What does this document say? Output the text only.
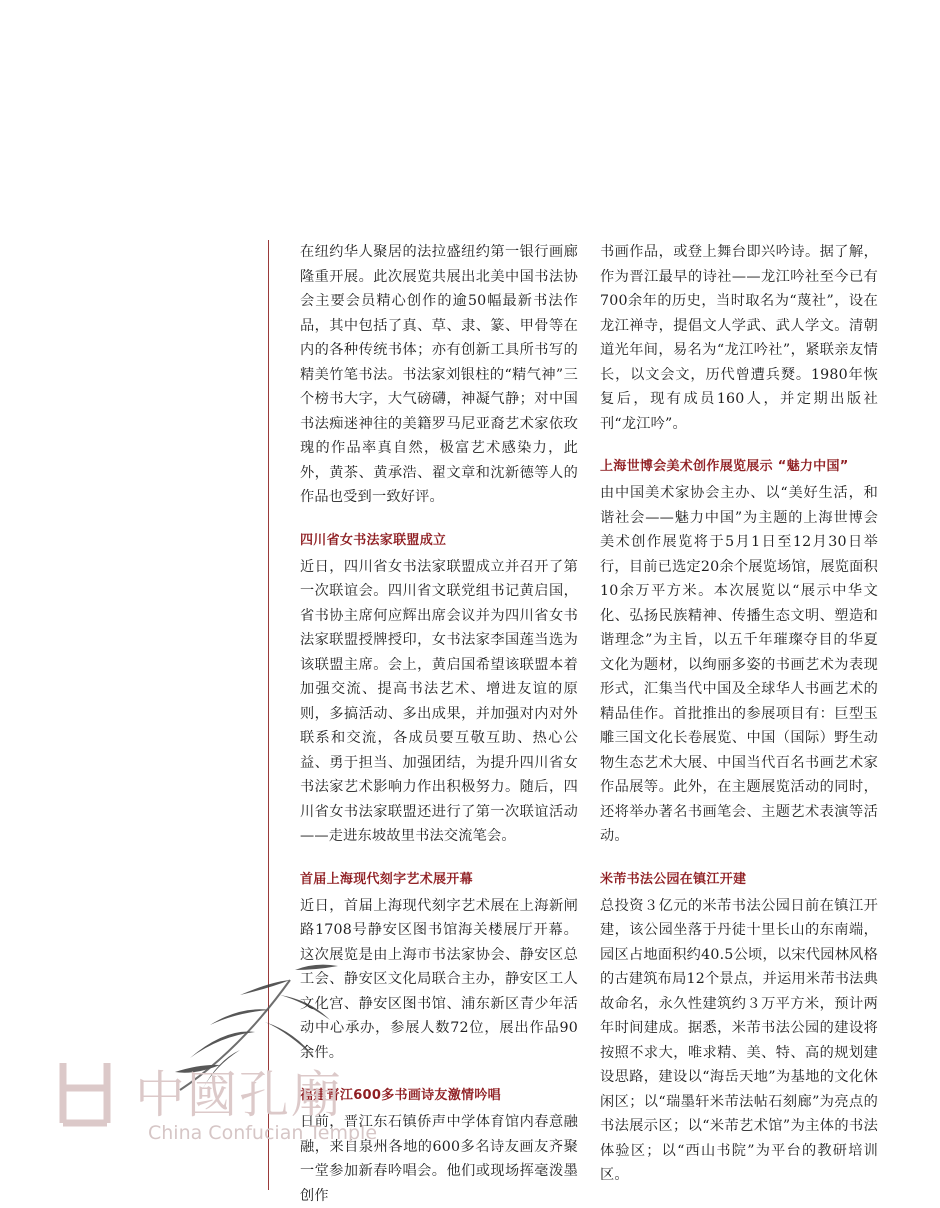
在纽约华人聚居的法拉盛纽约第一银行画廊隆重开展。此次展览共展出北美中国书法协会主要会员精心创作的逾50幅最新书法作品，其中包括了真、草、隶、篆、甲骨等在内的各种传统书体；亦有创新工具所书写的精美竹笔书法。书法家刘银柱的“精气神”三个榜书大字，大气磅礴，神凝气静；对中国书法痴迷神往的美籍罗马尼亚裔艺术家依玫瑰的作品率真自然，极富艺术感染力，此外，黄茶、黄承浩、翟文章和沈新德等人的作品也受到一致好评。

四川省女书法家联盟成立

近日，四川省女书法家联盟成立并召开了第一次联谊会。四川省文联党组书记黄启国，省书协主席何应辉出席会议并为四川省女书法家联盟授牌授印，女书法家李国莲当选为该联盟主席。会上，黄启国希望该联盟本着加强交流、提高书法艺术、增进友谊的原则，多搞活动、多出成果，并加强对内对外联系和交流，各成员要互敬互助、热心公益、勇于担当、加强团结，为提升四川省女书法家艺术影响力作出积极努力。随后，四川省女书法家联盟还进行了第一次联谊活动——走进东坡故里书法交流笔会。

首届上海现代刻字艺术展开幕

近日，首届上海现代刻字艺术展在上海新闸路1708号静安区图书馆海关楼展厅开幕。这次展览是由上海市书法家协会、静安区总工会、静安区文化局联合主办，静安区工人文化宫、静安区图书馆、浦东新区青少年活动中心承办，参展人数72位，展出作品90余件。

福建晋江600多书画诗友激情吟唱

日前，晋江东石镇侨声中学体育馆内春意融融，来自泉州各地的600多名诗友画友齐聚一堂参加新春吟唱会。他们或现场挥毫泼墨创作

书画作品，或登上舞台即兴吟诗。据了解，作为晋江最早的诗社——龙江吟社至今已有700余年的历史，当时取名为“蔑社”，设在龙江禅寺，提倡文人学武、武人学文。清朝道光年间，易名为“龙江吟社”，紧联亲友情长，以文会文，历代曾遭兵燹。1980年恢复后，现有成员160人，并定期出版社刊“龙江吟”。

上海世博会美术创作展览展示 “魅力中国”

由中国美术家协会主办、以“美好生活，和谐社会——魅力中国”为主题的上海世博会美术创作展览将于5月1日至12月30日举行，目前已选定20余个展览场馆，展览面积10余万平方米。本次展览以“展示中华文化、弘扬民族精神、传播生态文明、塑造和谐理念”为主旨，以五千年璀璨夺目的华夏文化为题材，以绚丽多姿的书画艺术为表现形式，汇集当代中国及全球华人书画艺术的精品佳作。首批推出的参展项目有：巨型玉雕三国文化长卷展览、中国（国际）野生动物生态艺术大展、中国当代百名书画艺术家作品展等。此外，在主题展览活动的同时，还将举办著名书画笔会、主题艺术表演等活动。

米芾书法公园在镇江开建

总投资３亿元的米芾书法公园日前在镇江开建，该公园坐落于丹徒十里长山的东南端，园区占地面积约40.5公顷，以宋代园林风格的古建筑布局12个景点，并运用米芾书法典故命名，永久性建筑约３万平方米，预计两年时间建成。据悉，米芾书法公园的建设将按照不求大，唯求精、美、特、高的规划建设思路，建设以“海岳天地”为基地的文化休闲区；以“瑞墨轩米芾法帖石刻廊”为亮点的书法展示区；以“米芾艺术馆”为主体的书法体验区；以“西山书院”为平台的教研培训区。

中國孔廟
China Confucian Temple
